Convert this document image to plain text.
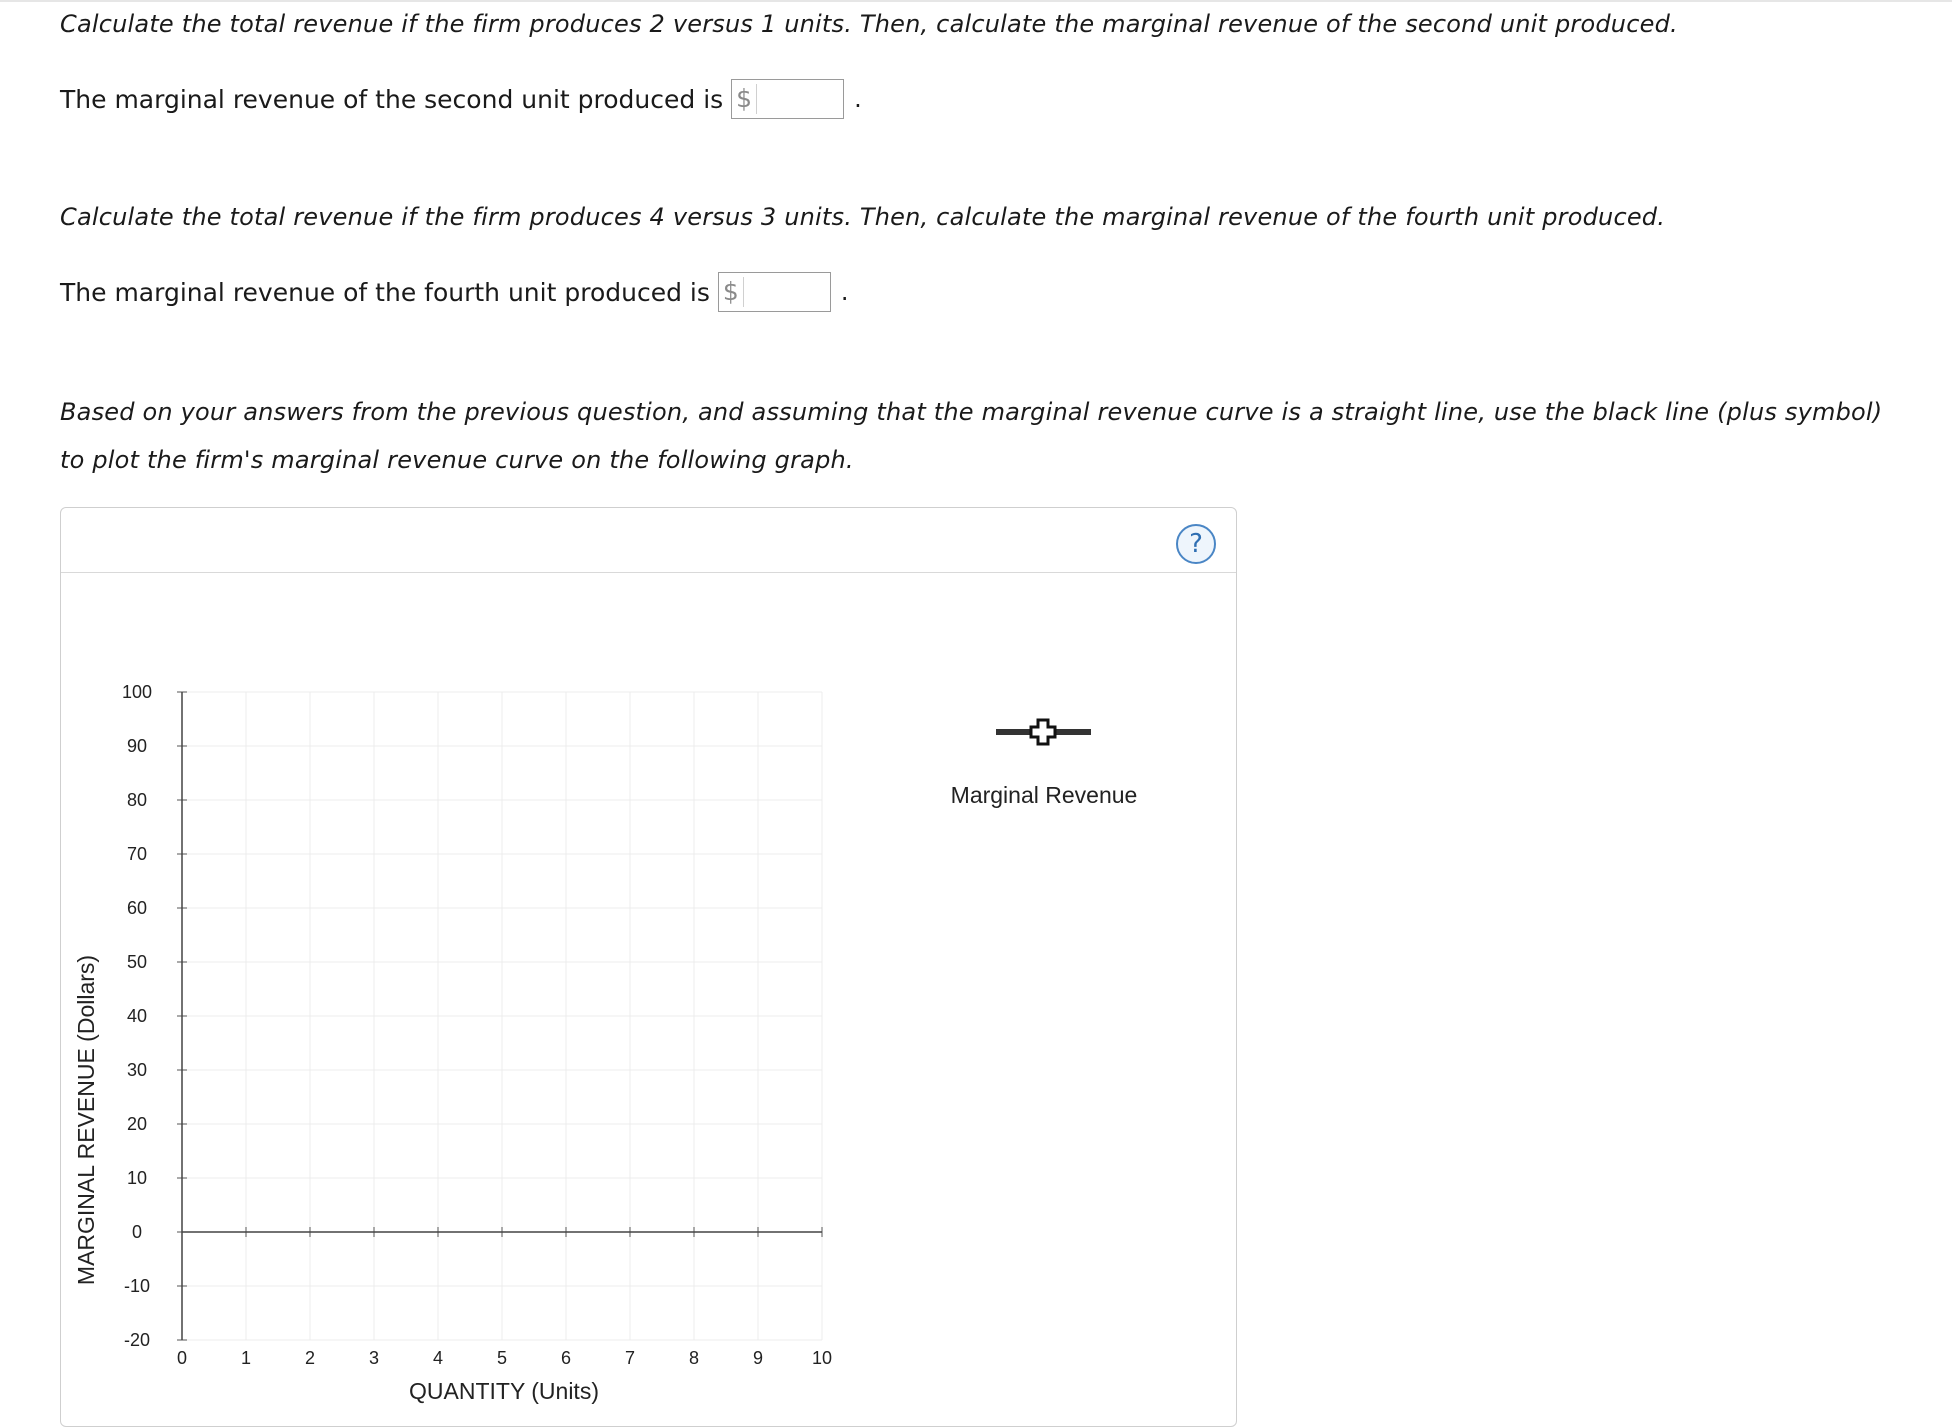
Calculate the total revenue if the firm produces 2 versus 1 units. Then, calculate the marginal revenue of the second unit produced.
The marginal revenue of the second unit produced is $	.
Calculate the total revenue if the firm produces 4 versus 3 units. Then, calculate the marginal revenue of the fourth unit produced.
The marginal revenue of the fourth unit produced is $	.
Based on your answers from the previous question, and assuming that the marginal revenue curve is a straight line, use the black line (plus symbol) to plot the firm's marginal revenue curve on the following graph.
?
0	1	2	3	4	5	6	7	8	9	10
100
90
80
70
60
50
40
30
20
10
0
-10
-20
QUANTITY (Units)
MARGINAL REVENUE (Dollars)
Marginal Revenue
